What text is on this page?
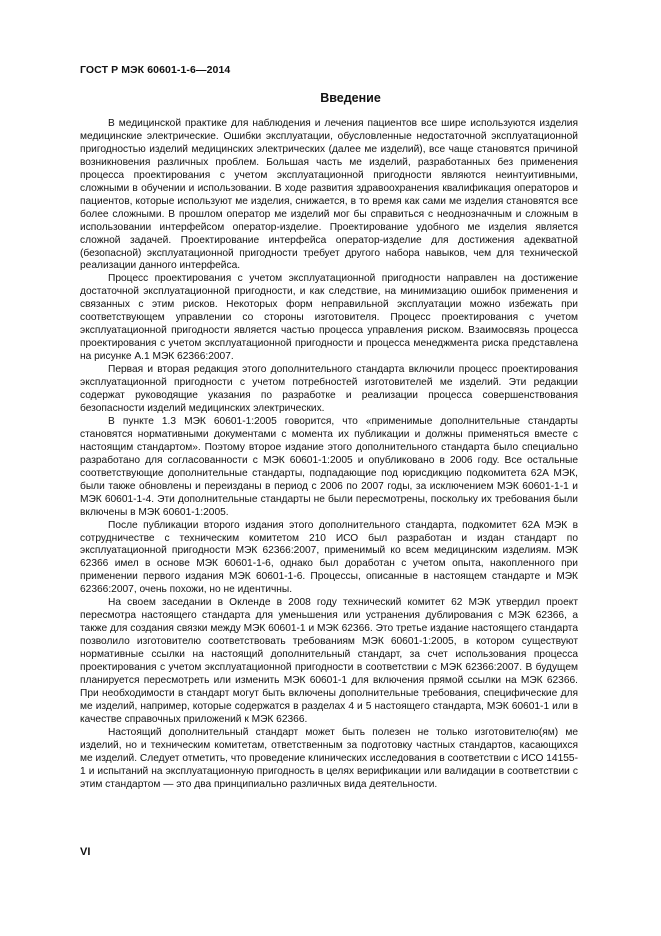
ГОСТ Р МЭК 60601-1-6—2014
Введение

В медицинской практике для наблюдения и лечения пациентов все шире используются изделия медицинские электрические. Ошибки эксплуатации, обусловленные недостаточной эксплуатационной пригодностью изделий медицинских электрических (далее ме изделий), все чаще становятся причиной возникновения различных проблем. Большая часть ме изделий, разработанных без применения процесса проектирования с учетом эксплуатационной пригодности являются неинтуитивными, сложными в обучении и использовании. В ходе развития здравоохранения квалификация операторов и пациентов, которые используют ме изделия, снижается, в то время как сами ме изделия становятся все более сложными. В прошлом оператор ме изделий мог бы справиться с неоднозначным и сложным в использовании интерфейсом оператор-изделие. Проектирование удобного ме изделия является сложной задачей. Проектирование интерфейса оператор-изделие для достижения адекватной (безопасной) эксплуатационной пригодности требует другого набора навыков, чем для технической реализации данного интерфейса.

Процесс проектирования с учетом эксплуатационной пригодности направлен на достижение достаточной эксплуатационной пригодности, и как следствие, на минимизацию ошибок применения и связанных с этим рисков. Некоторых форм неправильной эксплуатации можно избежать при соответствующем управлении со стороны изготовителя. Процесс проектирования с учетом эксплуатационной пригодности является частью процесса управления риском. Взаимосвязь процесса проектирования с учетом эксплуатационной пригодности и процесса менеджмента риска представлена на рисунке А.1 МЭК 62366:2007.

Первая и вторая редакция этого дополнительного стандарта включили процесс проектирования эксплуатационной пригодности с учетом потребностей изготовителей ме изделий. Эти редакции содержат руководящие указания по разработке и реализации процесса совершенствования безопасности изделий медицинских электрических.

В пункте 1.3 МЭК 60601-1:2005 говорится, что «применимые дополнительные стандарты становятся нормативными документами с момента их публикации и должны применяться вместе с настоящим стандартом». Поэтому второе издание этого дополнительного стандарта было специально разработано для согласованности с МЭК 60601-1:2005 и опубликовано в 2006 году. Все остальные соответствующие дополнительные стандарты, подпадающие под юрисдикцию подкомитета 62А МЭК, были также обновлены и переизданы в период с 2006 по 2007 годы, за исключением МЭК 60601-1-1 и МЭК 60601-1-4. Эти дополнительные стандарты не были пересмотрены, поскольку их требования были включены в МЭК 60601-1:2005.

После публикации второго издания этого дополнительного стандарта, подкомитет 62А МЭК в сотрудничестве с техническим комитетом 210 ИСО был разработан и издан стандарт по эксплуатационной пригодности МЭК 62366:2007, применимый ко всем медицинским изделиям. МЭК 62366 имел в основе МЭК 60601-1-6, однако был доработан с учетом опыта, накопленного при применении первого издания МЭК 60601-1-6. Процессы, описанные в настоящем стандарте и МЭК 62366:2007, очень похожи, но не идентичны.

На своем заседании в Окленде в 2008 году технический комитет 62 МЭК утвердил проект пересмотра настоящего стандарта для уменьшения или устранения дублирования с МЭК 62366, а также для создания связки между МЭК 60601-1 и МЭК 62366. Это третье издание настоящего стандарта позволило изготовителю соответствовать требованиям МЭК 60601-1:2005, в котором существуют нормативные ссылки на настоящий дополнительный стандарт, за счет использования процесса проектирования с учетом эксплуатационной пригодности в соответствии с МЭК 62366:2007. В будущем планируется пересмотреть или изменить МЭК 60601-1 для включения прямой ссылки на МЭК 62366. При необходимости в стандарт могут быть включены дополнительные требования, специфические для ме изделий, например, которые содержатся в разделах 4 и 5 настоящего стандарта, МЭК 60601-1 или в качестве справочных приложений к МЭК 62366.

Настоящий дополнительный стандарт может быть полезен не только изготовителю(ям) ме изделий, но и техническим комитетам, ответственным за подготовку частных стандартов, касающихся ме изделий. Следует отметить, что проведение клинических исследования в соответствии с ИСО 14155-1 и испытаний на эксплуатационную пригодность в целях верификации или валидации в соответствии с этим стандартом — это два принципиально различных вида деятельности.

VI
